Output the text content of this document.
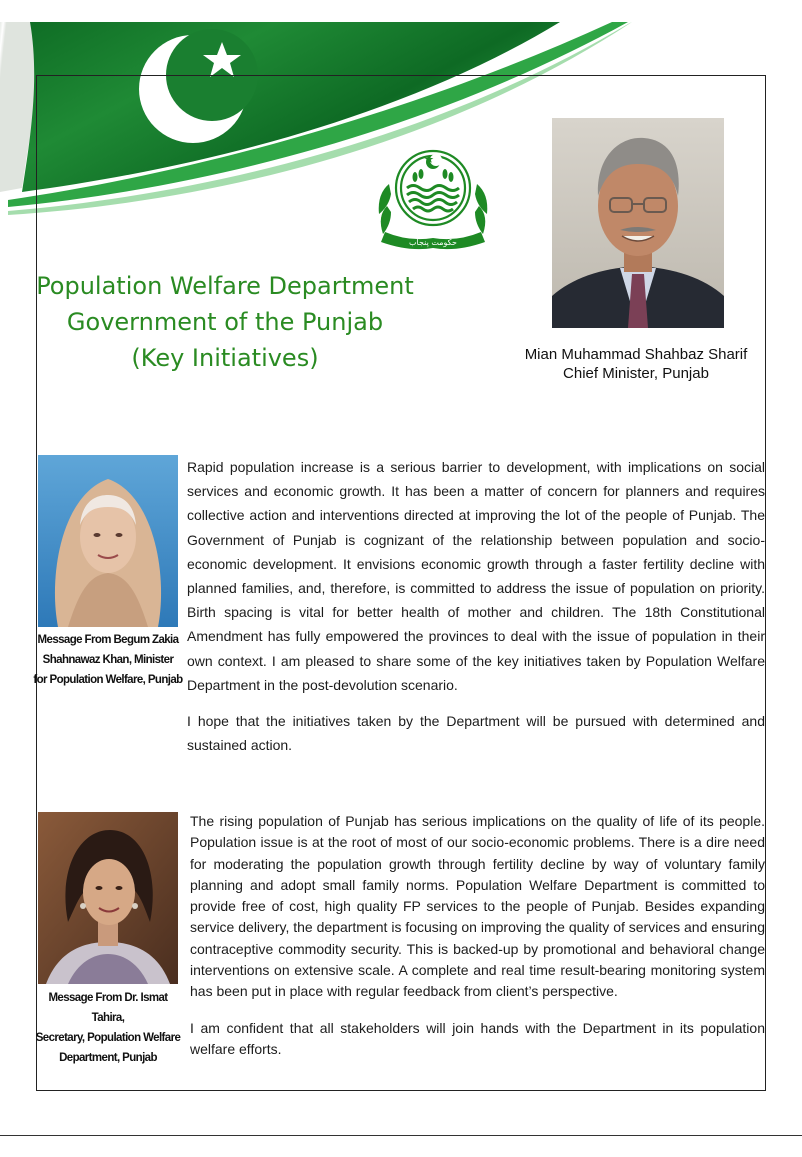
ﺣﮑﻮﻣﺖ ﭘﻨﺠﺎﺏ
Mian Muhammad Shahbaz Sharif
Chief Minister, Punjab
Population Welfare Department
Government of the Punjab
(Key Initiatives)
Message From Begum Zakia
Shahnawaz Khan, Minister
for Population Welfare, Punjab

Rapid population increase is a serious barrier to development, with implications on social services and economic growth. It has been a matter of concern for planners and requires collective action and interventions directed at improving the lot of the people of Punjab. The Government of Punjab is cognizant of the relationship between population and socio-economic development. It envisions economic growth through a faster fertility decline with planned families, and, therefore, is committed to address the issue of population on priority. Birth spacing is vital for better health of mother and children. The 18th Constitutional Amendment has fully empowered the provinces to deal with the issue of population in their own context. I am pleased to share some of the key initiatives taken by Population Welfare Department in the post-devolution scenario.

I hope that the initiatives taken by the Department will be pursued with determined and sustained action.

Message From Dr. Ismat Tahira,
Secretary, Population Welfare
Department, Punjab

The rising population of Punjab has serious implications on the quality of life of its people. Population issue is at the root of most of our socio-economic problems. There is a dire need for moderating the population growth through fertility decline by way of voluntary family planning and adopt small family norms. Population Welfare Department is committed to provide free of cost, high quality FP services to the people of Punjab. Besides expanding service delivery, the department is focusing on improving the quality of services and ensuring contraceptive commodity security. This is backed-up by promotional and behavioral change interventions on extensive scale. A complete and real time result-bearing monitoring system has been put in place with regular feedback from client’s perspective.

I am confident that all stakeholders will join hands with the Department in its population welfare efforts.
